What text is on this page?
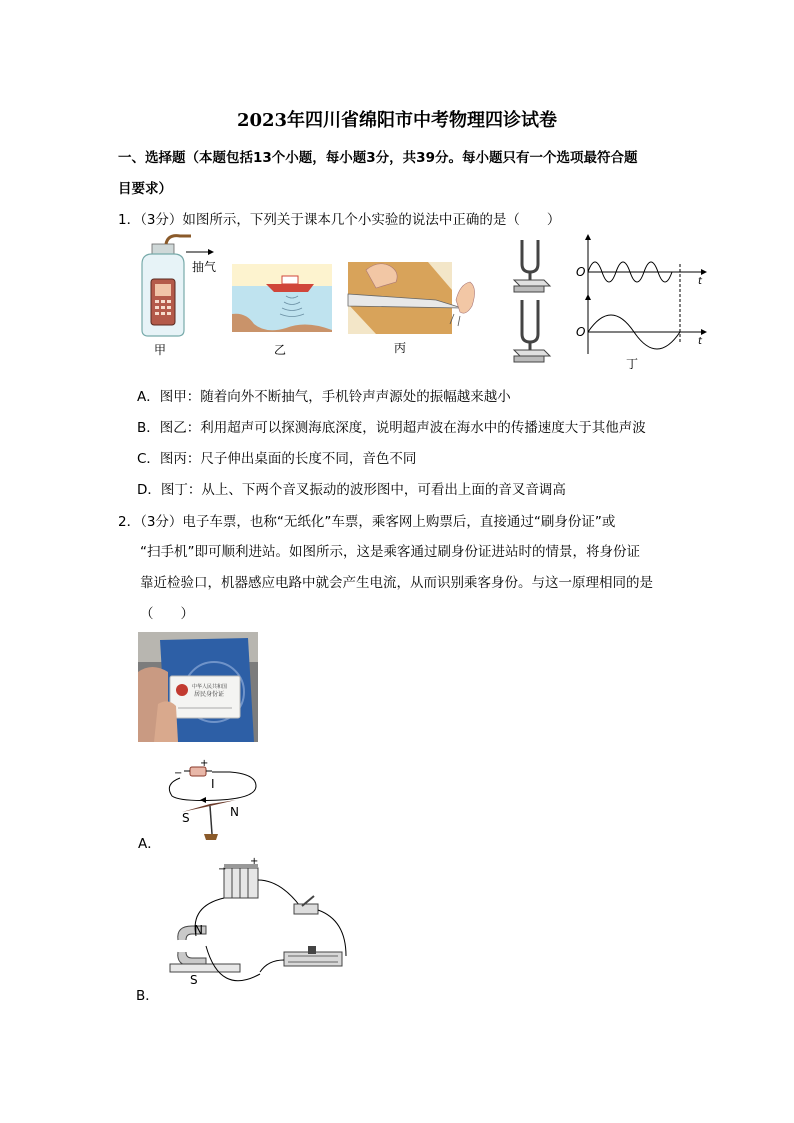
2023年四川省绵阳市中考物理四诊试卷
一、选择题（本题包括13个小题，每小题3分，共39分。每小题只有一个选项最符合题
目要求）
1．（3分）如图所示，下列关于课本几个小实验的说法中正确的是（　　）
抽气
甲	乙	丙
O
t
O
t
丁
A．图甲：随着向外不断抽气，手机铃声声源处的振幅越来越小
B．图乙：利用超声可以探测海底深度，说明超声波在海水中的传播速度大于其他声波
C．图丙：尺子伸出桌面的长度不同，音色不同
D．图丁：从上、下两个音叉振动的波形图中，可看出上面的音叉音调高
2．（3分）电子车票，也称“无纸化”车票，乘客网上购票后，直接通过“刷身份证”或
“扫手机”即可顺利进站。如图所示，这是乘客通过刷身份证进站时的情景，将身份证
靠近检验口，机器感应电路中就会产生电流，从而识别乘客身份。与这一原理相同的是
（　　）
中华人民共和国
居民身份证
−
+
I
S	N
A．
−
+
N
S
B．
